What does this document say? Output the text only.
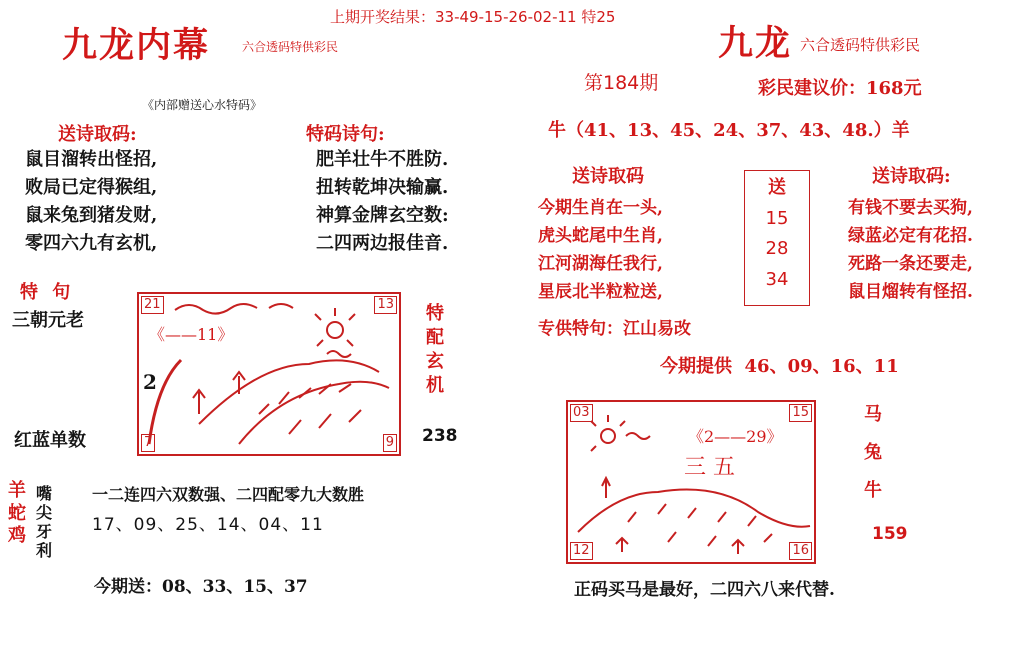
上期开奖结果：33-49-15-26-02-11 特25
九龙内幕	六合透码特供彩民
《内部赠送心水特码》
送诗取码:
鼠目溜转出怪招,
败局已定得猴组,
鼠来兔到猪发财,
零四六九有玄机,
特码诗句:
肥羊壮牛不胜防.
扭转乾坤决输赢.
神算金牌玄空数:
二四两边报佳音.
特 句
三朝元老
21	13
7	9
《——11》
2
特配玄机
红蓝单数	238
羊
蛇
鸡
嘴尖牙利
一二连四六双数强、二四配零九大数胜
17、09、25、14、04、11
今期送：08、33、15、37
九龙 六合透码特供彩民
第184期	彩民建议价：168元
牛（41、13、45、24、37、43、48.）羊
送诗取码
今期生肖在一头,
虎头蛇尾中生肖,
江河湖海任我行,
星辰北半粒粒送,
专供特句：江山易改
送
15
28
34
送诗取码:
有钱不要去买狗,
绿蓝必定有花招.
死路一条还要走,
鼠目熘转有怪招.
今期提供  46、09、16、11
03	15
12	16
《2——29》
三 五
马
兔
牛
159
正码买马是最好，二四六八来代替.
